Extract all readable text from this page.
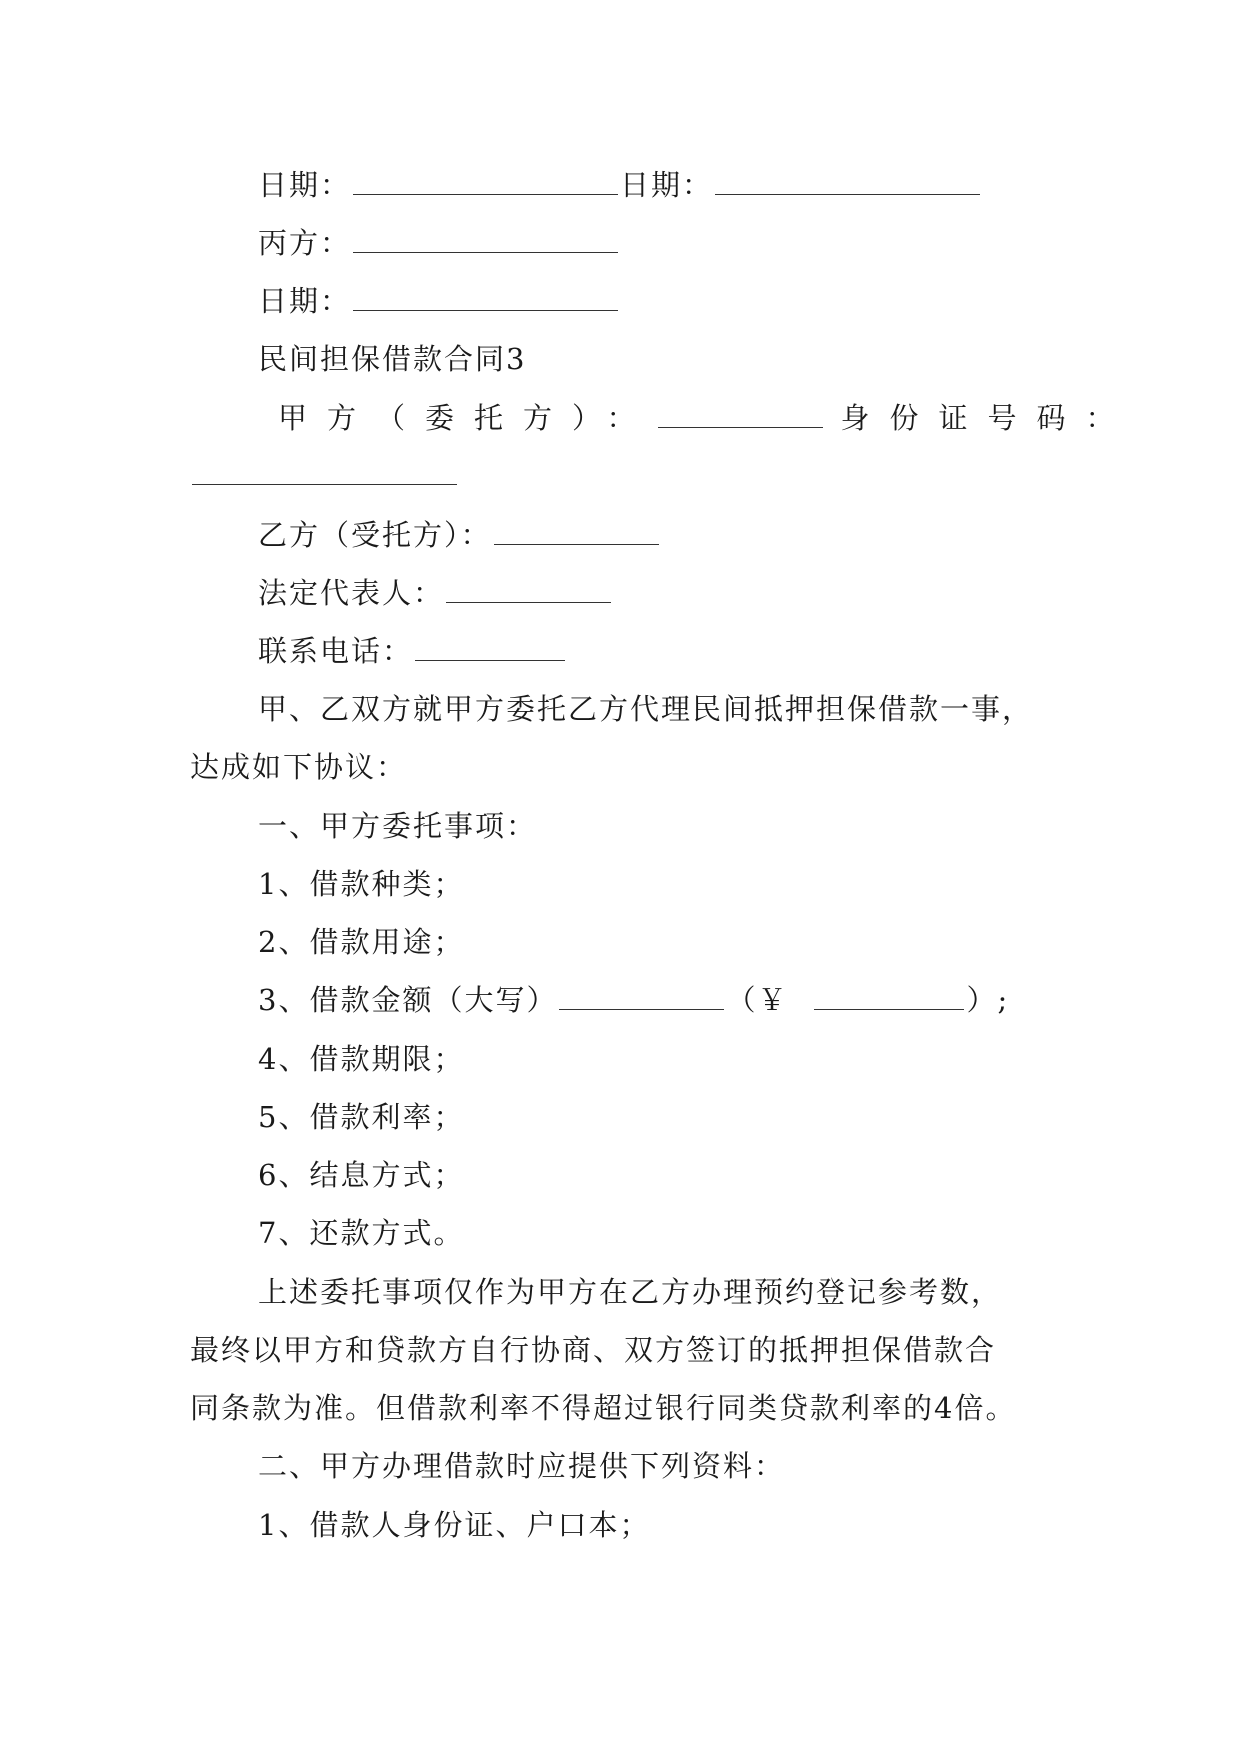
日期：	日期：
丙方：
日期：
民间担保借款合同3
甲方（委托方）：	身份证号码：
乙方（受托方）：
法定代表人：
联系电话：
甲、乙双方就甲方委托乙方代理民间抵押担保借款一事，
达成如下协议：
一、甲方委托事项：
1、借款种类；
2、借款用途；
3、借款金额（大写）	（￥	）;
4、借款期限；
5、借款利率；
6、结息方式；
7、还款方式。
上述委托事项仅作为甲方在乙方办理预约登记参考数，
最终以甲方和贷款方自行协商、双方签订的抵押担保借款合
同条款为准。但借款利率不得超过银行同类贷款利率的4倍。
二、甲方办理借款时应提供下列资料：
1、借款人身份证、户口本；
